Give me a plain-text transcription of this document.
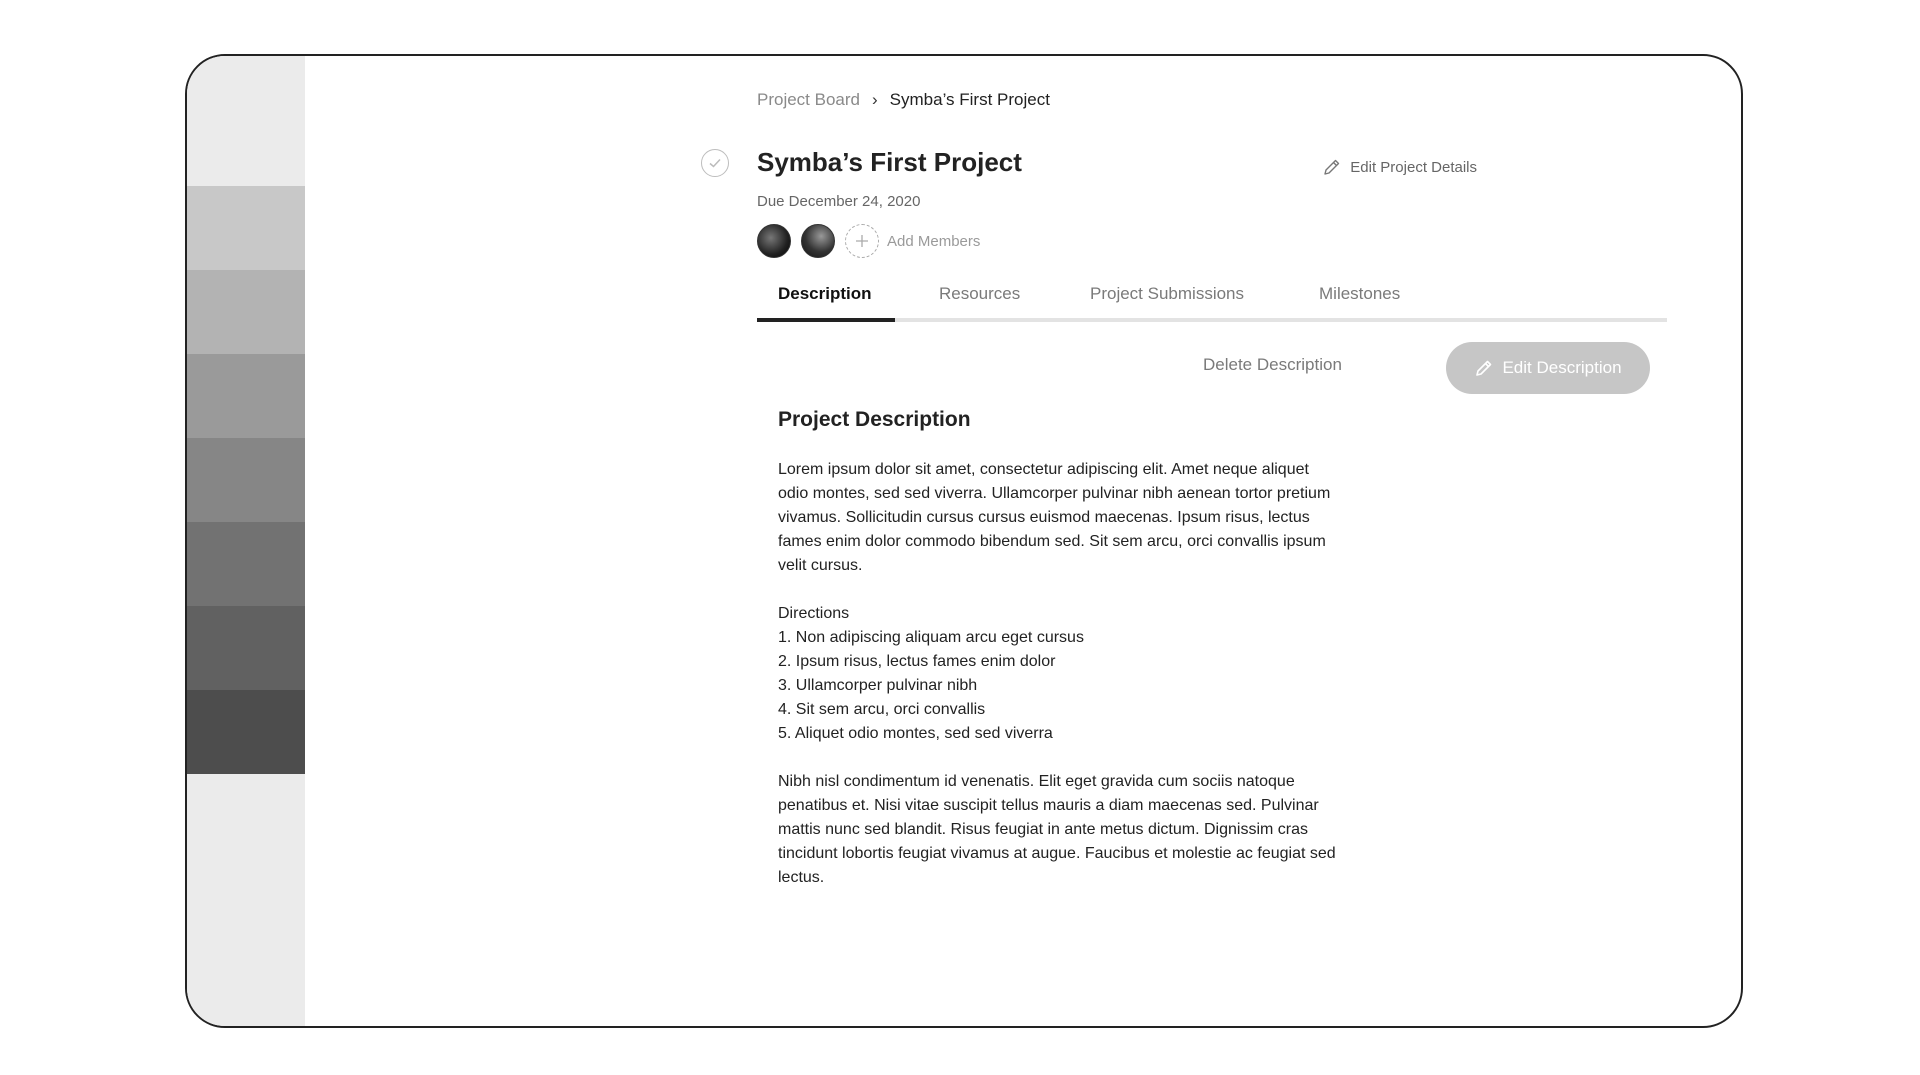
Project Board › Symba’s First Project
Symba’s First Project
Due December 24, 2020
Edit Project Details
Add Members
Description	Resources	Project Submissions	Milestones
Delete Description	Edit Description
Project Description

Lorem ipsum dolor sit amet, consectetur adipiscing elit. Amet neque aliquet odio montes, sed sed viverra. Ullamcorper pulvinar nibh aenean tortor pretium vivamus. Sollicitudin cursus cursus euismod maecenas. Ipsum risus, lectus fames enim dolor commodo bibendum sed. Sit sem arcu, orci convallis ipsum velit cursus.

Directions

1. Non adipiscing aliquam arcu eget cursus
2. Ipsum risus, lectus fames enim dolor
3. Ullamcorper pulvinar nibh
4. Sit sem arcu, orci convallis
5. Aliquet odio montes, sed sed viverra

Nibh nisl condimentum id venenatis. Elit eget gravida cum sociis natoque penatibus et. Nisi vitae suscipit tellus mauris a diam maecenas sed. Pulvinar mattis nunc sed blandit. Risus feugiat in ante metus dictum. Dignissim cras tincidunt lobortis feugiat vivamus at augue. Faucibus et molestie ac feugiat sed lectus.
